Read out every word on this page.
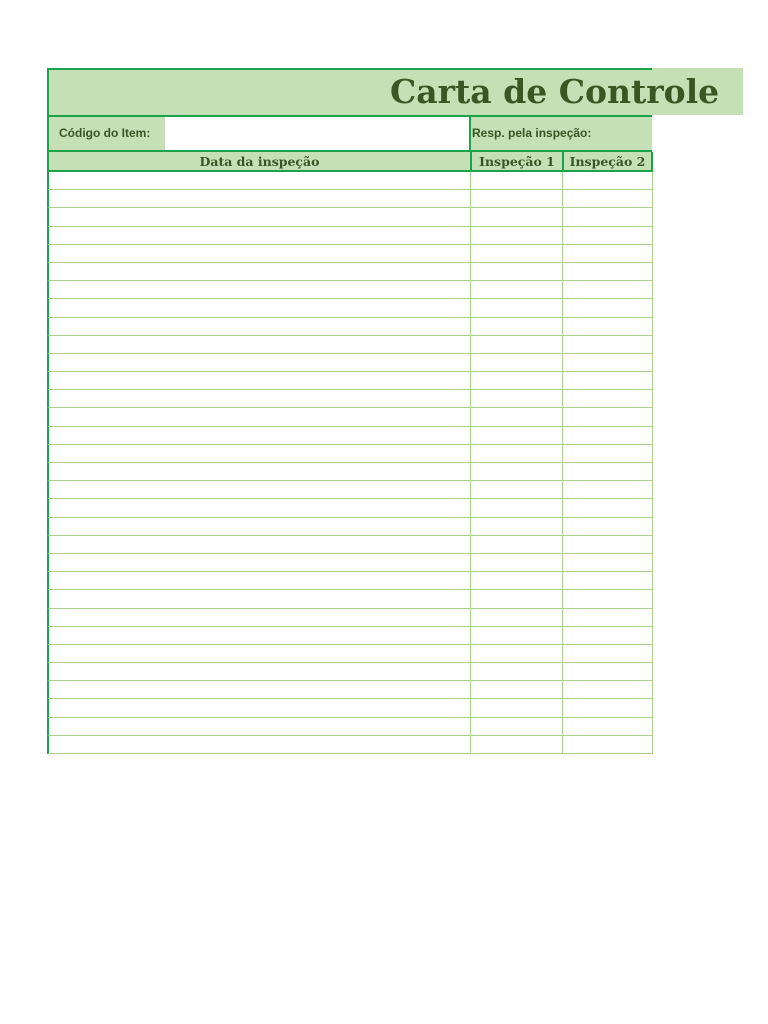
Carta de Controle
Código do Item:	Resp. pela inspeção:
Data da inspeção	Inspeção 1	Inspeção 2
